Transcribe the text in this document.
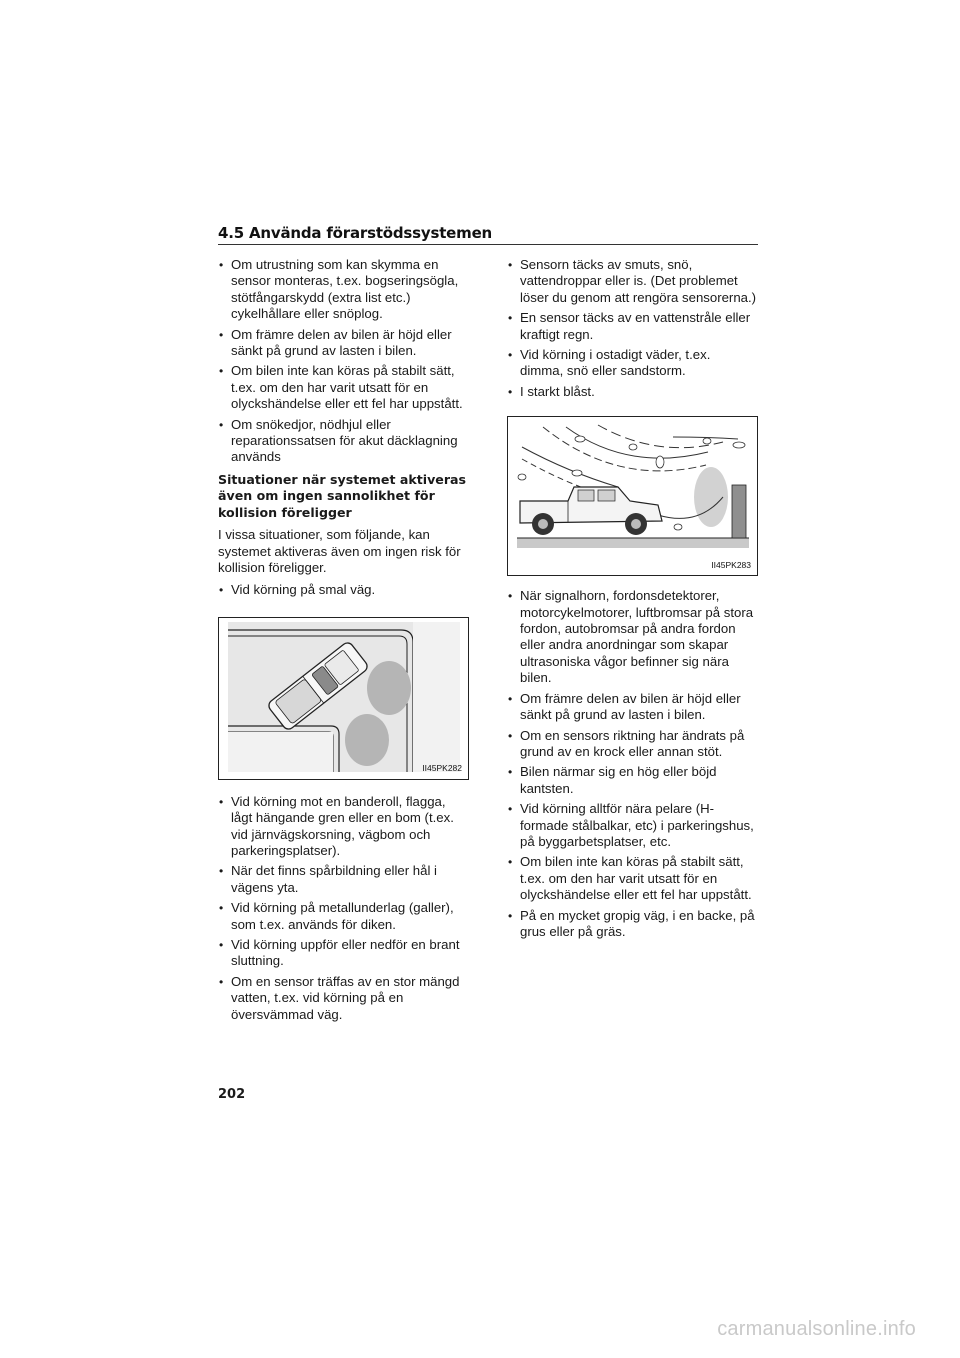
4.5 Använda förarstödssystemen
• Om utrustning som kan skymma en sensor monteras, t.ex. bogseringsögla, stötfångarskydd (extra list etc.) cykelhållare eller snöplog.
• Om främre delen av bilen är höjd eller sänkt på grund av lasten i bilen.
• Om bilen inte kan köras på stabilt sätt, t.ex. om den har varit utsatt för en olyckshändelse eller ett fel har uppstått.
• Om snökedjor, nödhjul eller reparationssatsen för akut däcklagning används
Situationer när systemet aktiveras även om ingen sannolikhet för kollision föreligger

I vissa situationer, som följande, kan systemet aktiveras även om ingen risk för kollision föreligger.

• Vid körning på smal väg.
II45PK282
• Vid körning mot en banderoll, flagga, lågt hängande gren eller en bom (t.ex. vid järnvägskorsning, vägbom och parkeringsplatser).
• När det finns spårbildning eller hål i vägens yta.
• Vid körning på metallunderlag (galler), som t.ex. används för diken.
• Vid körning uppför eller nedför en brant sluttning.
• Om en sensor träffas av en stor mängd vatten, t.ex. vid körning på en översvämmad väg.
• Sensorn täcks av smuts, snö, vattendroppar eller is. (Det problemet löser du genom att rengöra sensorerna.)
• En sensor täcks av en vattenstråle eller kraftigt regn.
• Vid körning i ostadigt väder, t.ex. dimma, snö eller sandstorm.
• I starkt blåst.
II45PK283
• När signalhorn, fordonsdetektorer, motorcykelmotorer, luftbromsar på stora fordon, autobromsar på andra fordon eller andra anordningar som skapar ultrasoniska vågor befinner sig nära bilen.
• Om främre delen av bilen är höjd eller sänkt på grund av lasten i bilen.
• Om en sensors riktning har ändrats på grund av en krock eller annan stöt.
• Bilen närmar sig en hög eller böjd kantsten.
• Vid körning alltför nära pelare (H-formade stålbalkar, etc) i parkeringshus, på byggarbetsplatser, etc.
• Om bilen inte kan köras på stabilt sätt, t.ex. om den har varit utsatt för en olyckshändelse eller ett fel har uppstått.
• På en mycket gropig väg, i en backe, på grus eller på gräs.
202
carmanualsonline.info
